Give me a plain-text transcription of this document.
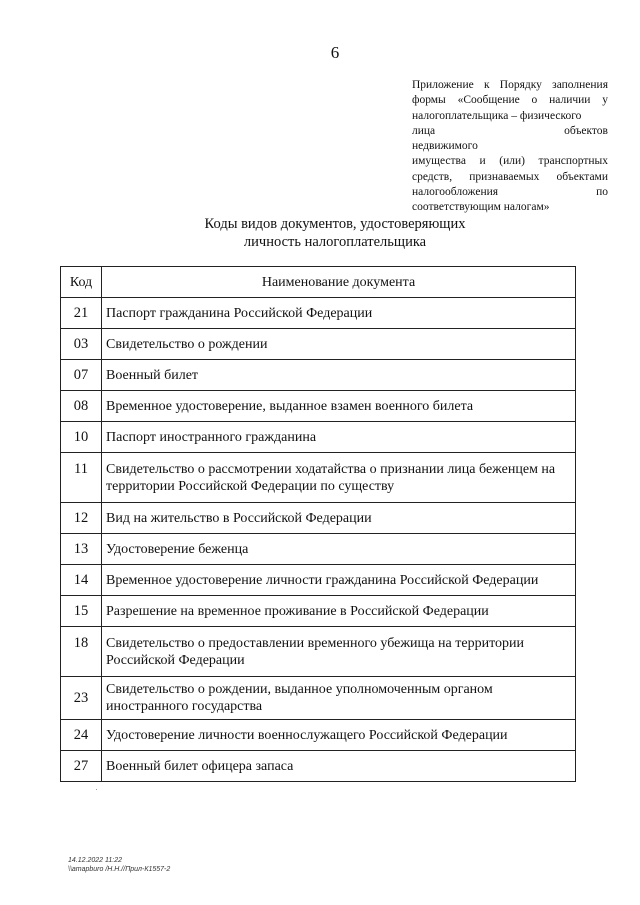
6
Приложение к Порядку заполнения
формы «Сообщение о наличии у
налогоплательщика – физического
лица объектов недвижимого
имущества и (или) транспортных
средств, признаваемых объектами
налогообложения по
соответствующим налогам»
Коды видов документов, удостоверяющих
личность налогоплательщика
Код	Наименование документа
21	Паспорт гражданина Российской Федерации
03	Свидетельство о рождении
07	Военный билет
08	Временное удостоверение, выданное взамен военного билета
10	Паспорт иностранного гражданина
11	Свидетельство о рассмотрении ходатайства о признании лица беженцем на территории Российской Федерации по существу
12	Вид на жительство в Российской Федерации
13	Удостоверение беженца
14	Временное удостоверение личности гражданина Российской Федерации
15	Разрешение на временное проживание в Российской Федерации
18	Свидетельство о предоставлении временного убежища на территории Российской Федерации
23	Свидетельство о рождении, выданное уполномоченным органом иностранного государства
24	Удостоверение личности военнослужащего Российской Федерации
27	Военный билет офицера запаса
14.12.2022 11:22
\\amapburo /Н.Н.//Прил-К1557-2
